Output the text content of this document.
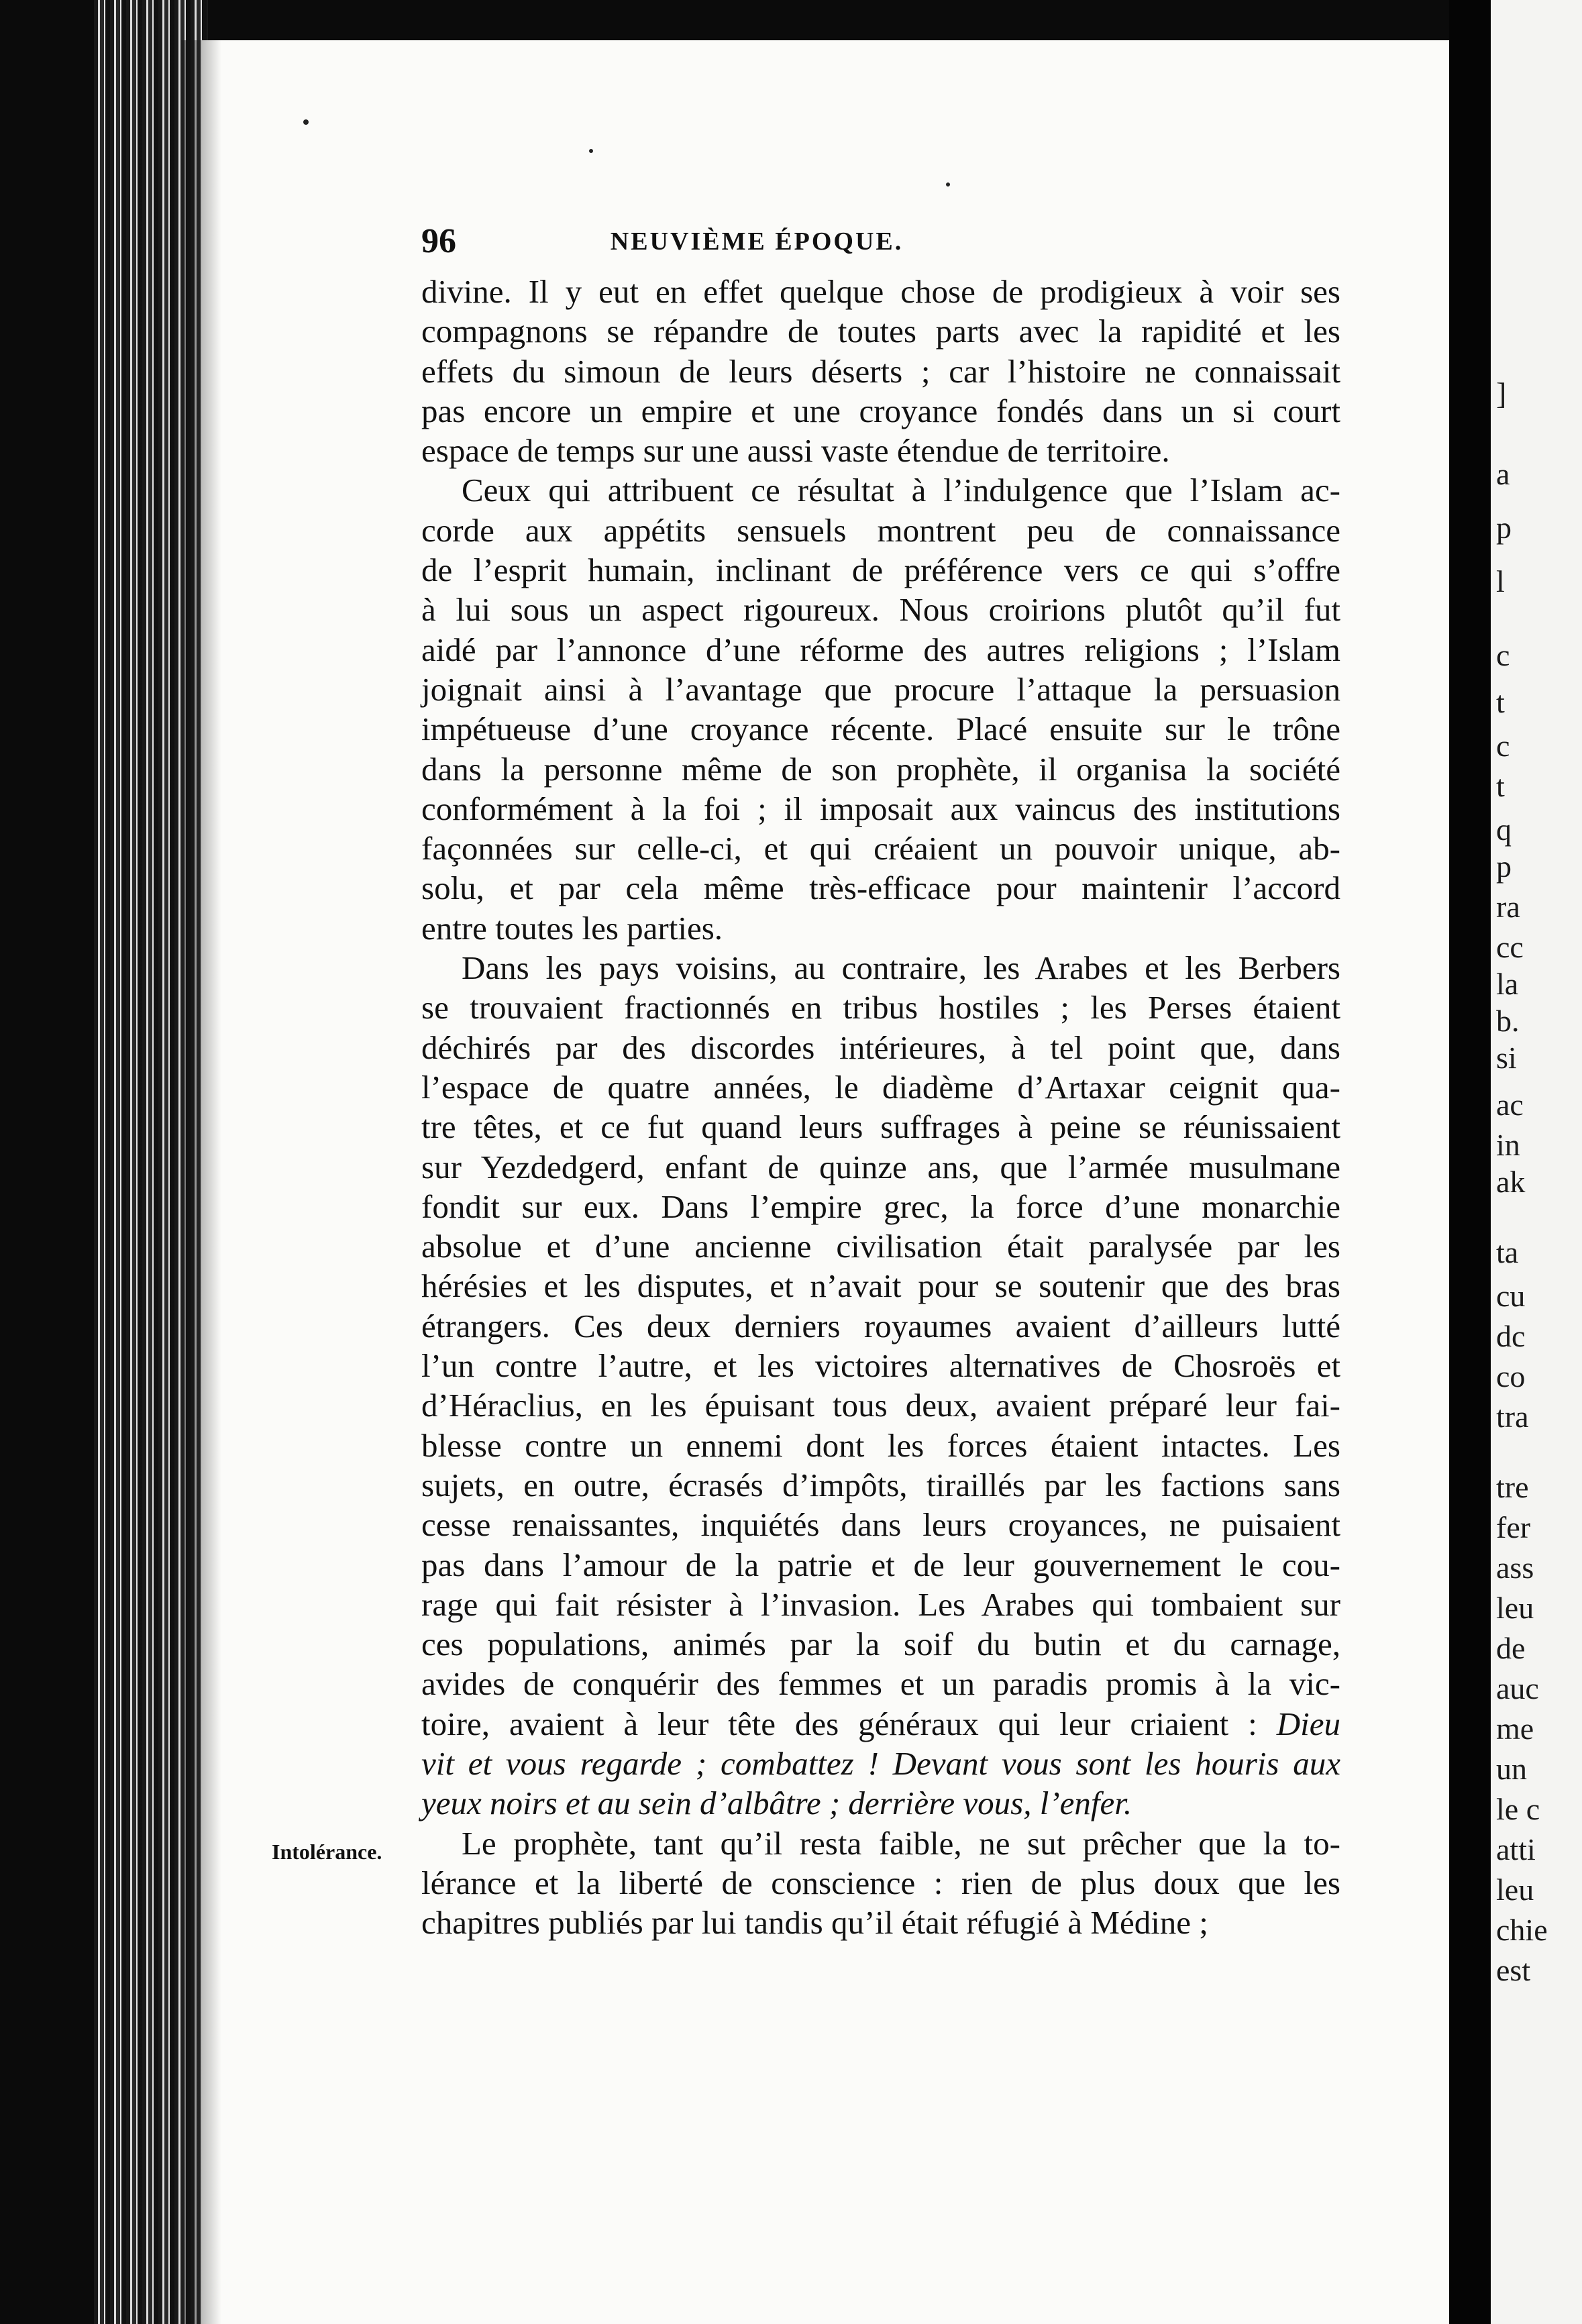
]
a
p
l
c
t
c
t
q
p
ra
cc
la
b.
si
ac
in
ak
ta
cu
dc
co
tra
tre
fer
ass
leu
de
auc
me
un
le c
atti
leu
chie
est
96	NEUVIÈME ÉPOQUE.
divine. Il y eut en effet quelque chose de prodigieux à voir ses
compagnons se répandre de toutes parts avec la rapidité et les
effets du simoun de leurs déserts ; car l’histoire ne connaissait
pas encore un empire et une croyance fondés dans un si court
espace de temps sur une aussi vaste étendue de territoire.
Ceux qui attribuent ce résultat à l’indulgence que l’Islam ac-
corde aux appétits sensuels montrent peu de connaissance
de l’esprit humain, inclinant de préférence vers ce qui s’offre
à lui sous un aspect rigoureux. Nous croirions plutôt qu’il fut
aidé par l’annonce d’une réforme des autres religions ; l’Islam
joignait ainsi à l’avantage que procure l’attaque la persuasion
impétueuse d’une croyance récente. Placé ensuite sur le trône
dans la personne même de son prophète, il organisa la société
conformément à la foi ; il imposait aux vaincus des institutions
façonnées sur celle-ci, et qui créaient un pouvoir unique, ab-
solu, et par cela même très-efficace pour maintenir l’accord
entre toutes les parties.
Dans les pays voisins, au contraire, les Arabes et les Berbers
se trouvaient fractionnés en tribus hostiles ; les Perses étaient
déchirés par des discordes intérieures, à tel point que, dans
l’espace de quatre années, le diadème d’Artaxar ceignit qua-
tre têtes, et ce fut quand leurs suffrages à peine se réunissaient
sur Yezdedgerd, enfant de quinze ans, que l’armée musulmane
fondit sur eux. Dans l’empire grec, la force d’une monarchie
absolue et d’une ancienne civilisation était paralysée par les
hérésies et les disputes, et n’avait pour se soutenir que des bras
étrangers. Ces deux derniers royaumes avaient d’ailleurs lutté
l’un contre l’autre, et les victoires alternatives de Chosroës et
d’Héraclius, en les épuisant tous deux, avaient préparé leur fai-
blesse contre un ennemi dont les forces étaient intactes. Les
sujets, en outre, écrasés d’impôts, tiraillés par les factions sans
cesse renaissantes, inquiétés dans leurs croyances, ne puisaient
pas dans l’amour de la patrie et de leur gouvernement le cou-
rage qui fait résister à l’invasion. Les Arabes qui tombaient sur
ces populations, animés par la soif du butin et du carnage,
avides de conquérir des femmes et un paradis promis à la vic-
toire, avaient à leur tête des généraux qui leur criaient : Dieu
vit et vous regarde ; combattez ! Devant vous sont les houris aux
yeux noirs et au sein d’albâtre ; derrière vous, l’enfer.
Le prophète, tant qu’il resta faible, ne sut prêcher que la to-
lérance et la liberté de conscience : rien de plus doux que les
chapitres publiés par lui tandis qu’il était réfugié à Médine ;
Intolérance.
